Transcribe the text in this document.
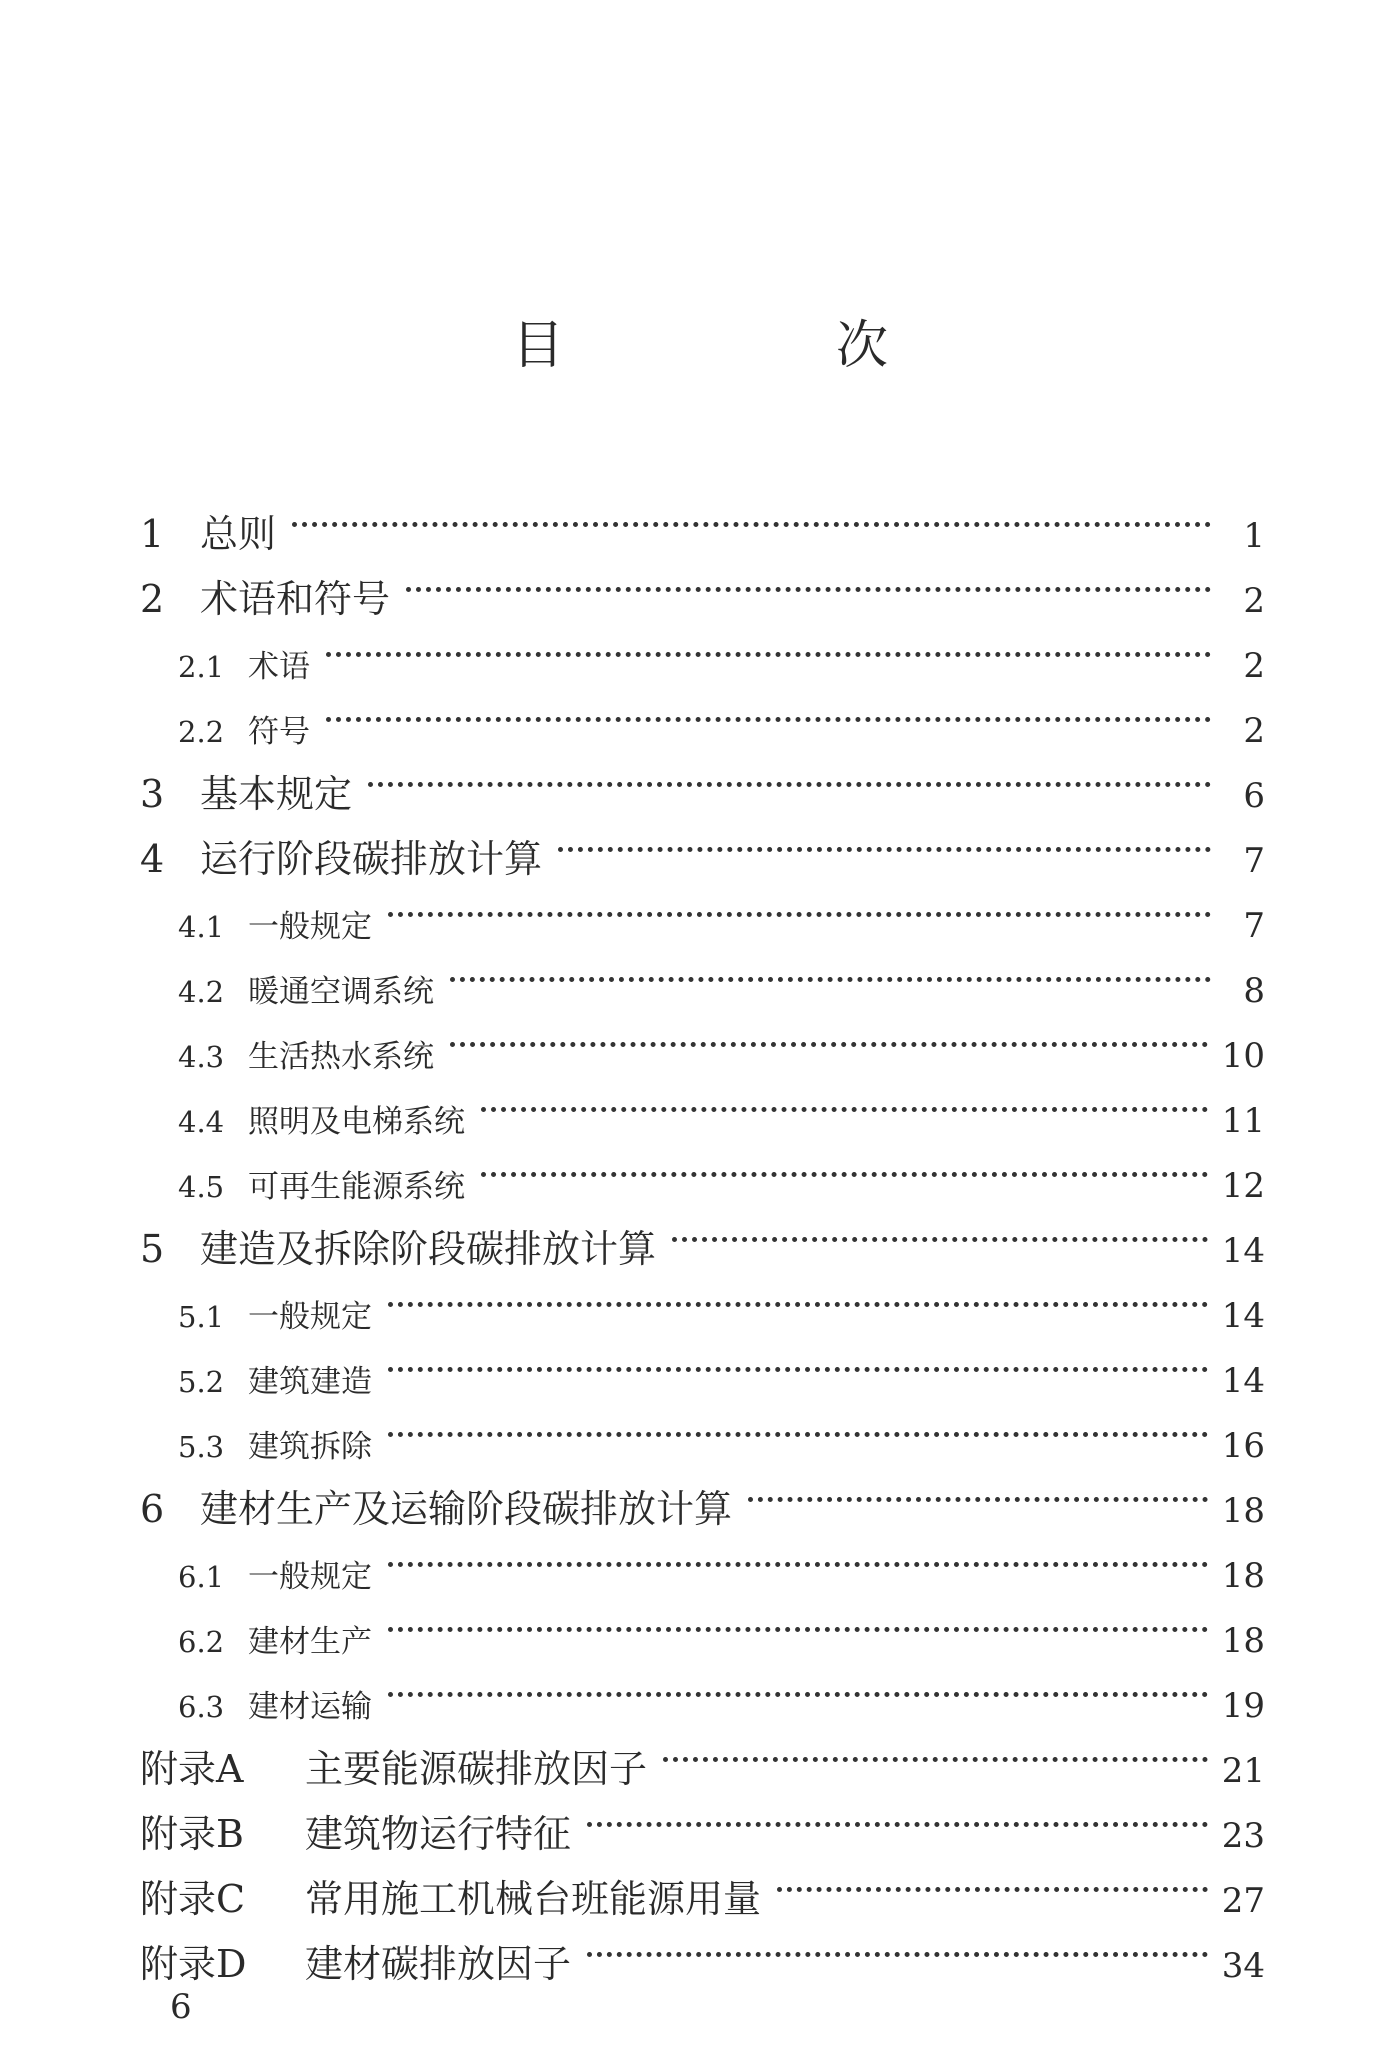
目　次
1 总则	1
2 术语和符号	2
2.1 术语	2
2.2 符号	2
3 基本规定	6
4 运行阶段碳排放计算	7
4.1 一般规定	7
4.2 暖通空调系统	8
4.3 生活热水系统	10
4.4 照明及电梯系统	11
4.5 可再生能源系统	12
5 建造及拆除阶段碳排放计算	14
5.1 一般规定	14
5.2 建筑建造	14
5.3 建筑拆除	16
6 建材生产及运输阶段碳排放计算	18
6.1 一般规定	18
6.2 建材生产	18
6.3 建材运输	19
附录A	主要能源碳排放因子	21
附录B	建筑物运行特征	23
附录C	常用施工机械台班能源用量	27
附录D	建材碳排放因子	34
6
